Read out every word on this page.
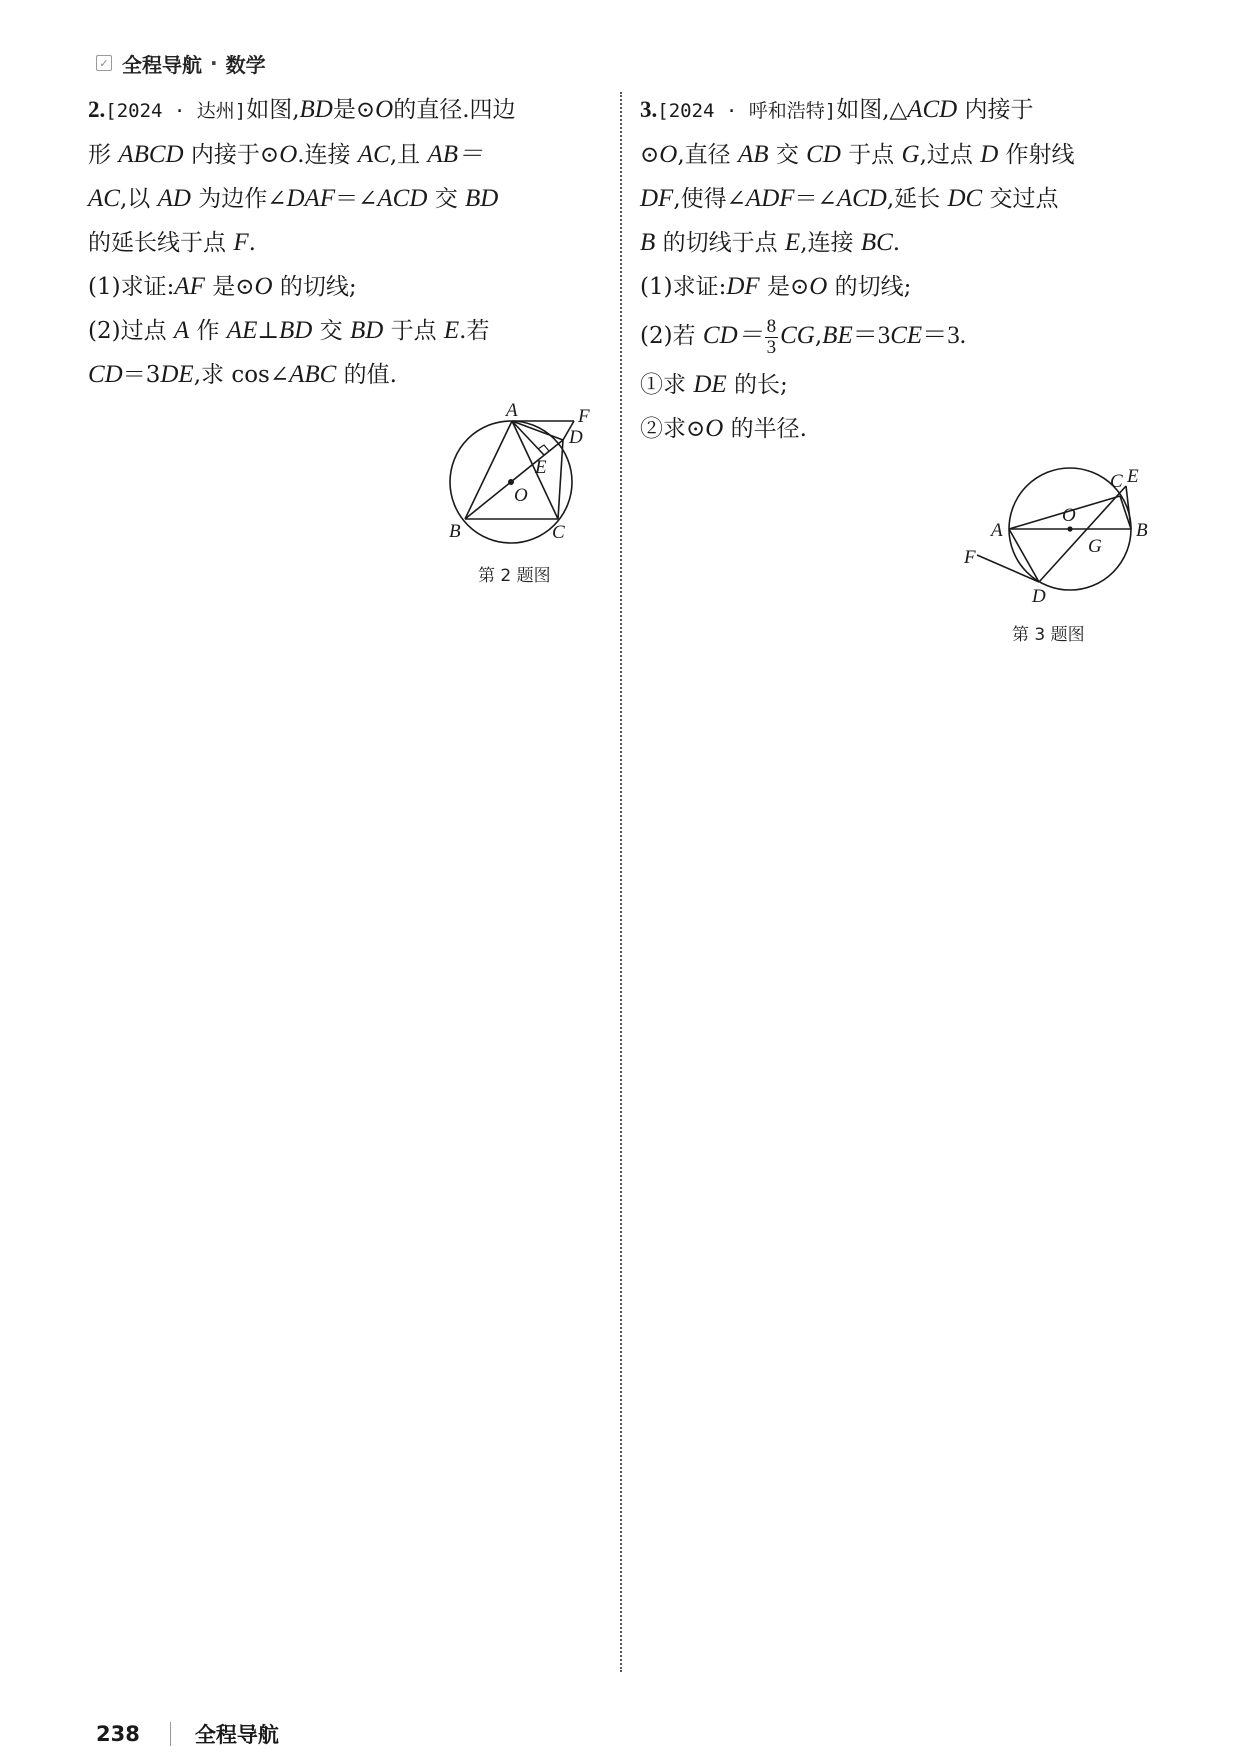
✓ 全程导航 · 数学
2.[2024 · 达州]如图,BD是⊙O的直径.四边
形 ABCD 内接于⊙O.连接 AC,且 AB＝
AC,以 AD 为边作∠DAF＝∠ACD 交 BD
的延长线于点 F.
(1)求证:AF 是⊙O 的切线;
(2)过点 A 作 AE⊥BD 交 BD 于点 E.若
CD＝3DE,求 cos∠ABC 的值.
A	F
D
E
O
B	C
第 2 题图
3.[2024 · 呼和浩特]如图,△ACD 内接于
⊙O,直径 AB 交 CD 于点 G,过点 D 作射线
DF,使得∠ADF＝∠ACD,延长 DC 交过点
B 的切线于点 E,连接 BC.
(1)求证:DF 是⊙O 的切线;
(2)若 $CD= \frac{8}{3} CG,BE=3CE=3$.
①求 DE 的长;
②求⊙O 的半径.
O
A	B
C E
G
F
D
第 3 题图
238	全程导航
